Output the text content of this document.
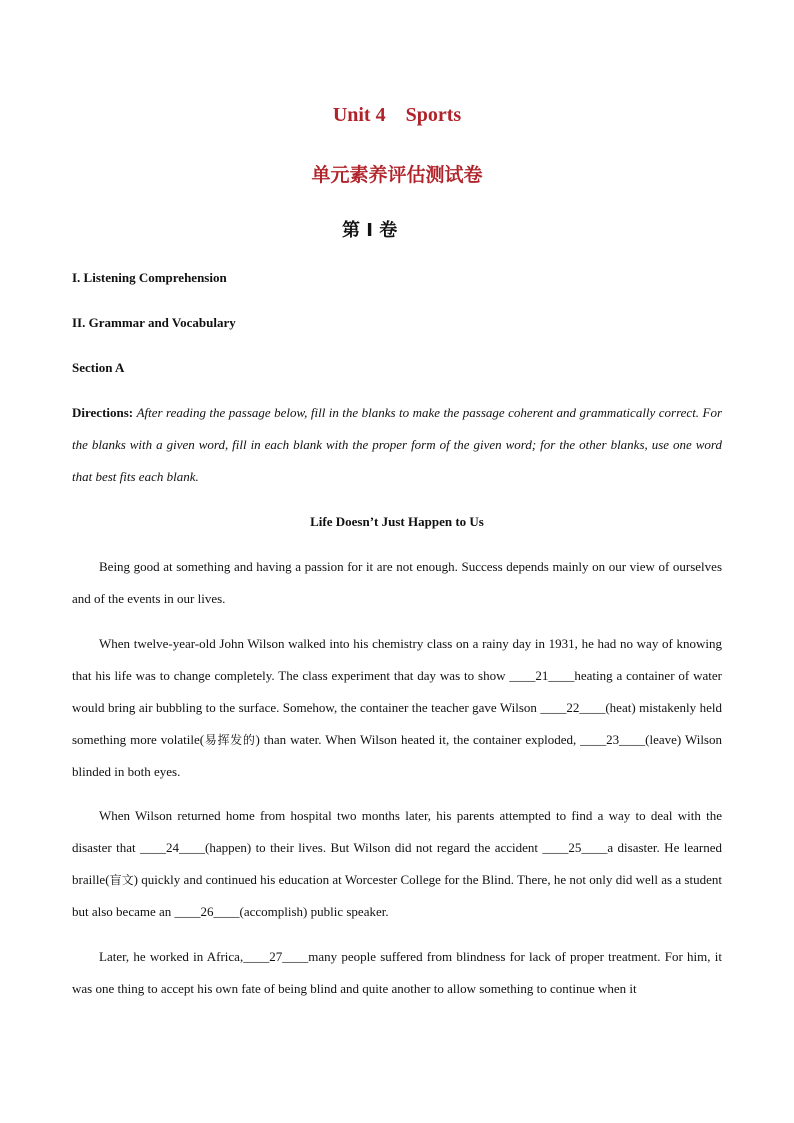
Unit 4 Sports
单元素养评估测试卷
第 I 卷

I. Listening Comprehension

II. Grammar and Vocabulary

Section A

Directions: After reading the passage below, fill in the blanks to make the passage coherent and grammatically correct. For the blanks with a given word, fill in each blank with the proper form of the given word; for the other blanks, use one word that best fits each blank.

Life Doesn’t Just Happen to Us

Being good at something and having a passion for it are not enough. Success depends mainly on our view of ourselves and of the events in our lives.

When twelve-year-old John Wilson walked into his chemistry class on a rainy day in 1931, he had no way of knowing that his life was to change completely. The class experiment that day was to show ____21____heating a container of water would bring air bubbling to the surface. Somehow, the container the teacher gave Wilson ____22____(heat) mistakenly held something more volatile(易挥发的) than water. When Wilson heated it, the container exploded, ____23____(leave) Wilson blinded in both eyes.

When Wilson returned home from hospital two months later, his parents attempted to find a way to deal with the disaster that ____24____(happen) to their lives. But Wilson did not regard the accident ____25____a disaster. He learned braille(盲文) quickly and continued his education at Worcester College for the Blind. There, he not only did well as a student but also became an ____26____(accomplish) public speaker.

Later, he worked in Africa,____27____many people suffered from blindness for lack of proper treatment. For him, it was one thing to accept his own fate of being blind and quite another to allow something to continue when it
